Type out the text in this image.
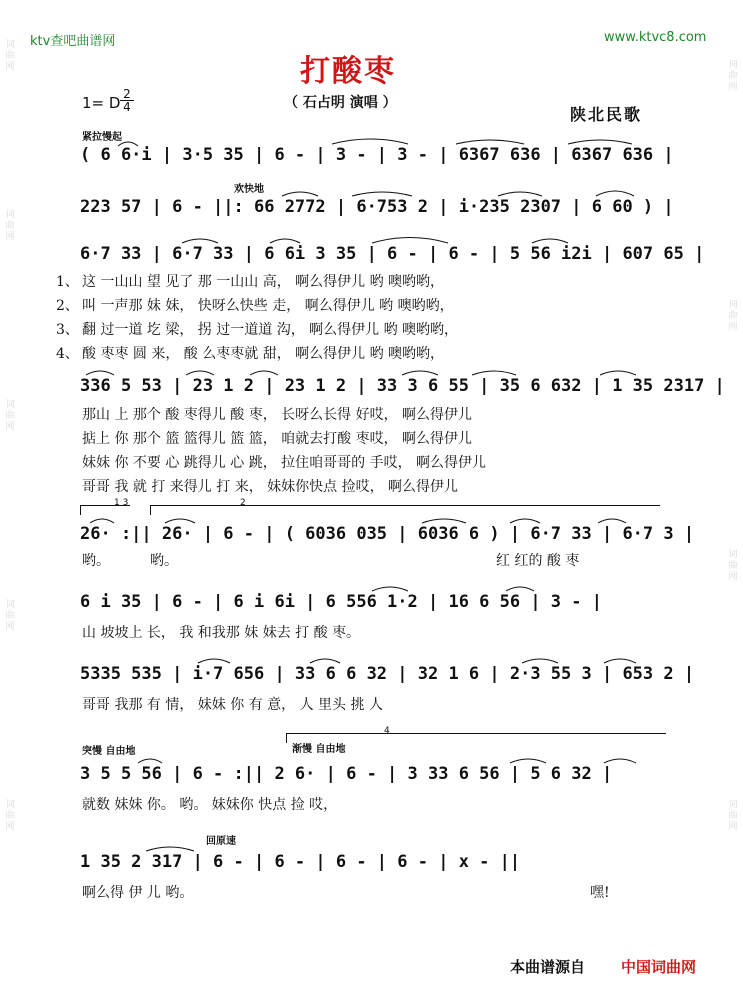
ktv查吧曲谱网	www.ktvc8.com
词
曲
网
词
曲
网
词
曲
网
词
曲
网
词
曲
网
词
曲
网
词
曲
网
词
曲
网
词
曲
网
打酸枣
1= D 2
4	（ 石占明 演唱 ）
陕北民歌
紧拉慢起
欢快地
突慢 自由地	渐慢 自由地
回原速
( 6 6·i | 3·5 35 | 6 - | 3 - | 3 - | 6367 636 | 6367 636 |
223 57 | 6 - ||: 66 2772 | 6·753 2 | i·235 2307 | 6 60 ) |
6·7 33 | 6·7 33 | 6 6i 3 35 | 6 - | 6 - | 5 56 i2i | 607 65 |
1、 这 一山山 望 见了 那 一山山 高， 啊么得伊儿 哟 噢哟哟，
2、 叫 一声那 妹 妹， 快呀么快些 走， 啊么得伊儿 哟 噢哟哟，
3、 翻 过一道 圪 梁， 拐 过一道道 沟， 啊么得伊儿 哟 噢哟哟，
4、 酸 枣枣 圆 来， 酸 么枣枣就 甜， 啊么得伊儿 哟 噢哟哟，
336 5 53 | 23 1 2 | 23 1 2 | 33 3 6 55 | 35 6 632 | 1 35 2317 |
那山 上 那个 酸 枣得儿 酸 枣， 长呀么长得 好哎， 啊么得伊儿
掂上 你 那个 篮 篮得儿 篮 篮， 咱就去打酸 枣哎， 啊么得伊儿
妹妹 你 不要 心 跳得儿 心 跳， 拉住咱哥哥的 手哎， 啊么得伊儿
哥哥 我 就 打 来得儿 打 来， 妹妹你快点 捡哎， 啊么得伊儿
1 3	2
26· :|| 26· | 6 - | ( 6036 035 | 6036 6 ) | 6·7 33 | 6·7 3 |
哟。	哟。	红 红的 酸 枣
6 i 35 | 6 - | 6 i 6i | 6 556 1·2 | 16 6 56 | 3 - |
山 坡坡上 长， 我 和我那 妹 妹去 打 酸 枣。
5335 535 | i·7 656 | 33 6 6 32 | 32 1 6 | 2·3 55 3 | 653 2 |
哥哥 我那 有 情， 妹妹 你 有 意， 人 里头 挑 人
4
3 5 5 56 | 6 - :|| 2 6· | 6 - | 3 33 6 56 | 5 6 32 |
就数 妹妹 你。 哟。 妹妹你 快点 捡 哎，
1 35 2 317 | 6 - | 6 - | 6 - | 6 - | x - ||
啊么得 伊 儿 哟。	嘿!
本曲谱源自 中国词曲网
